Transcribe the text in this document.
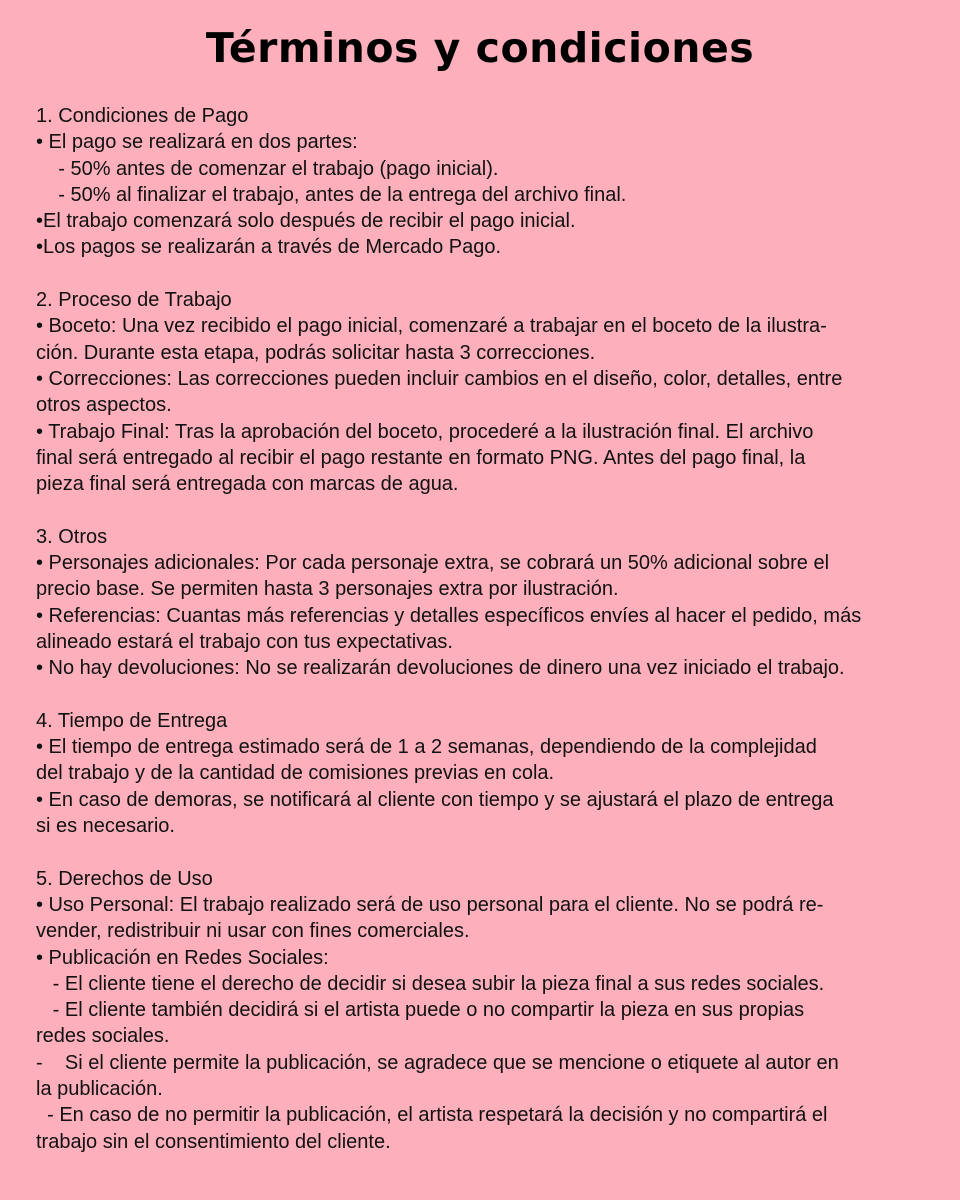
Términos y condiciones
1. Condiciones de Pago
• El pago se realizará en dos partes:
- 50% antes de comenzar el trabajo (pago inicial).
- 50% al finalizar el trabajo, antes de la entrega del archivo final.
•El trabajo comenzará solo después de recibir el pago inicial.
•Los pagos se realizarán a través de Mercado Pago.
2. Proceso de Trabajo
• Boceto: Una vez recibido el pago inicial, comenzaré a trabajar en el boceto de la ilustra-
ción. Durante esta etapa, podrás solicitar hasta 3 correcciones.
• Correcciones: Las correcciones pueden incluir cambios en el diseño, color, detalles, entre
otros aspectos.
• Trabajo Final: Tras la aprobación del boceto, procederé a la ilustración final. El archivo
final será entregado al recibir el pago restante en formato PNG. Antes del pago final, la
pieza final será entregada con marcas de agua.
3. Otros
• Personajes adicionales: Por cada personaje extra, se cobrará un 50% adicional sobre el
precio base. Se permiten hasta 3 personajes extra por ilustración.
• Referencias: Cuantas más referencias y detalles específicos envíes al hacer el pedido, más
alineado estará el trabajo con tus expectativas.
• No hay devoluciones: No se realizarán devoluciones de dinero una vez iniciado el trabajo.
4. Tiempo de Entrega
• El tiempo de entrega estimado será de 1 a 2 semanas, dependiendo de la complejidad
del trabajo y de la cantidad de comisiones previas en cola.
• En caso de demoras, se notificará al cliente con tiempo y se ajustará el plazo de entrega
si es necesario.
5. Derechos de Uso
• Uso Personal: El trabajo realizado será de uso personal para el cliente. No se podrá re-
vender, redistribuir ni usar con fines comerciales.
• Publicación en Redes Sociales:
- El cliente tiene el derecho de decidir si desea subir la pieza final a sus redes sociales.
- El cliente también decidirá si el artista puede o no compartir la pieza en sus propias
redes sociales.
-    Si el cliente permite la publicación, se agradece que se mencione o etiquete al autor en
la publicación.
- En caso de no permitir la publicación, el artista respetará la decisión y no compartirá el
trabajo sin el consentimiento del cliente.
